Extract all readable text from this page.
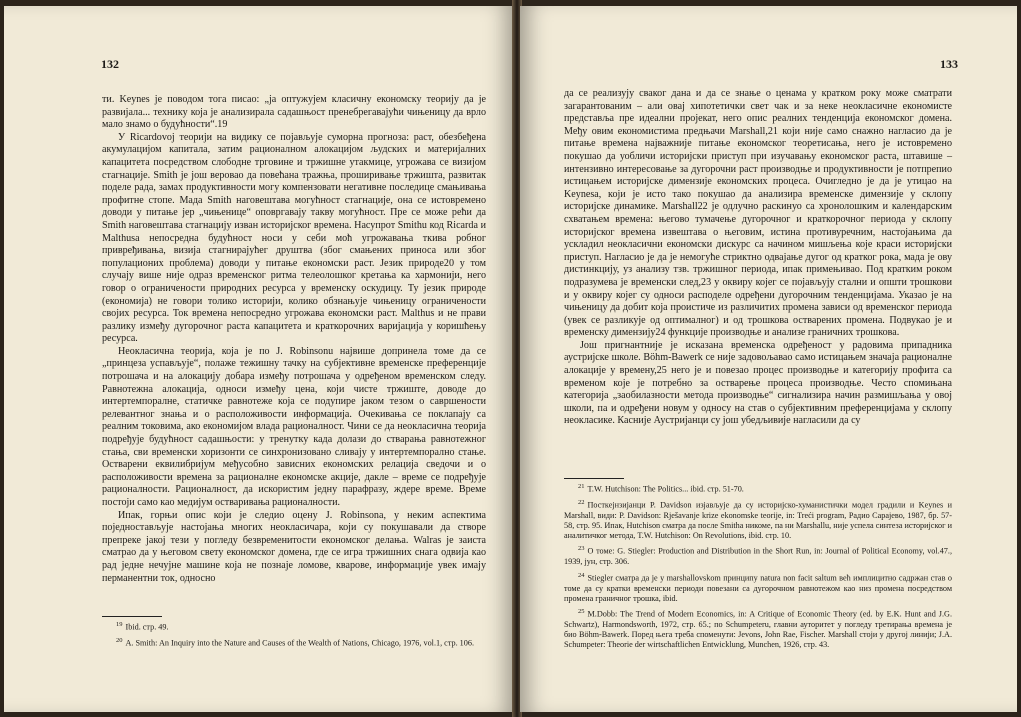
132

ти. Keynes је поводом тога писао: „ја оптужујем класичну економску теорију да је развијала... технику која је анализирала садашњост пренебрегавајући чињеницу да врло мало знамо о будућности“.19

У Ricardovoj теорији на видику се појављује суморна прогноза: раст, обезбеђена акумулацијом капитала, затим рационалном алокацијом људских и материјалних капацитета посредством слободне трговине и тржишне утакмице, угрожава се визијом стагнације. Smith је још веровао да повећана тражња, проширивање тржишта, развитак поделе рада, замах продуктивности могу компензовати негативне последице смањивања профитне стопе. Мада Smith наговештава могућност стагнације, она се истовремено доводи у питање јер „чињенице“ оповргавају такву могућност. Пре се може рећи да Smith наговештава стагнацију изван историјског времена. Насупрот Smithu код Ricarda и Malthusa непосредна будућност носи у себи моћ угрожавања ткива робног привређивања, визија стагнирајућег друштва (због смањених приноса или због популационих проблема) доводи у питање економски раст. Језик природе20 у том случају више није одраз временског ритма телеолошког кретања ка хармонији, него говор о ограничености природних ресурса у временску оскудицу. Ту језик природе (економија) не говори толико историји, колико обзнањује чињеницу ограничености својих ресурса. Ток времена непосредно угрожава економски раст. Malthus и не прави разлику између дугорочног раста капацитета и краткорочних варијација у коришћењу ресурса.

Неокласична теорија, која је по J. Robinsonu највише допринела томе да се „принцеза успављује“, полаже тежишну тачку на субјективне временске преференције потрошача и на алокацију добара између потрошача у одређеном временском следу. Равнотежна алокација, односи између цена, који чисте тржиште, доводе до интертемпоралне, статичке равнотеже која се подупире јаком тезом о савршености релевантног знања и о расположивости информација. Очекивања се поклапају са реалним токовима, ако економијом влада рационалност. Чини се да неокласична теорија подређује будућност садашњости: у тренутку када долази до стварања равнотежног стања, сви временски хоризонти се синхронизовано сливају у интертемпорално стање. Остварени еквилибријум међусобно зависних економских релација сведочи и о расположивости времена за рационалне економске акције, дакле – време се подређује рационалности. Рационалност, да искористим једну парафразу, ждере време. Време постоји само као медијум остваривања рационалности.

Ипак, горњи опис који је следио оцену J. Robinsona, у неким аспектима поједностављује настојања многих неокласичара, који су покушавали да створе препреке јакој тези у погледу безвременитости економског делања. Walras је заиста сматрао да у његовом свету економског домена, где се игра тржишних снага одвија као рад једне нечујне машине која не познаје ломове, кварове, информације увек имају перманентни ток, односно

$^{19}$ Ibid. стр. 49.

$^{20}$ A. Smith: An Inquiry into the Nature and Causes of the Wealth of Nations, Chicago, 1976, vol.1, стр. 106.

133

да се реализују сваког дана и да се знање о ценама у кратком року може сматрати загарантованим – али овај хипотетички свет чак и за неке неокласичне економисте представља пре идеални пројекат, него опис реалних тенденција економског домена. Међу овим економистима предњачи Marshall,21 који није само снажно нагласио да је питање времена најважније питање економског теоретисања, него је истовремено покушао да уобличи историјски приступ при изучавању економског раста, штавише – интензивно интересовање за дугорочни раст производње и продуктивности је потпрепио истицањем историјске димензије економских процеса. Очигледно је да је утицао на Keynesa, који је исто тако покушао да анализира временске димензије у склопу историјске динамике. Marshall22 је одлучно раскинуо са хронолошким и календарским схватањем времена: његово тумачење дугорочног и краткорочног периода у склопу историјског времена извештава о његовим, истина противуречним, настојањима да ускладил неокласични економски дискурс са начином мишљења које краси историјски приступ. Нагласио је да је немогуће стриктно одвајање дугог од кратког рока, мада је ову дистинкцију, уз анализу тзв. тржишног периода, ипак примењивао. Под кратким роком подразумева је временски след,23 у оквиру којег се појављују стални и општи трошкови и у оквиру којег су односи расподеле одређени дугорочним тенденцијама. Указао је на чињеницу да добит која проистиче из различитих промена зависи од временског периода (увек се разликује од оптималног) и од трошкова остварених промена. Подвукао је и временску димензију24 функције производње и анализе граничних трошкова.

Још пригнантније је исказана временска одређеност у радовима припадника аустријске школе. Böhm-Bawerk се није задовољавао само истицањем значаја рационалне алокације у времену,25 него је и повезао процес производње и категорију профита са временом које је потребно за остварење процеса производње. Често спомињана категорија „заобилазности метода производње“ сигнализира начин размишљања у овој школи, па и одређени новум у односу на став о субјективним преференцијама у склопу неокласике. Касније Аустријанци су још убедљивије нагласили да су

$^{21}$ T.W. Hutchison: The Politics... ibid. стр. 51-70.

$^{22}$ Посткејнзијанци P. Davidson изјављује да су историјско-хуманистички модел градили и Keynes и Marshall, види: P. Davidson: Rješavanje krize ekonomske teorije, in: Treći program, Радио Сарајево, 1987, бр. 57-58, стр. 95. Ипак, Hutchison сматра да после Smitha никоме, па ни Marshallu, није успела синтеза историјског и аналитичког метода, T.W. Hutchison: On Revolutions, ibid. стр. 10.

$^{23}$ О томе: G. Stiegler: Production and Distribution in the Short Run, in: Journal of Political Economy, vol.47., 1939, јун, стр. 306.

$^{24}$ Stiegler сматра да је у marshallovskom принципу natura non facit saltum већ имплицитно садржан став о томе да су кратки временски периоди повезани са дугорочном равнотежом као низ промена посредством промена граничног трошка, ibid.

$^{25}$ M.Dobb: The Trend of Modern Economics, in: A Critique of Economic Theory (ed. by E.K. Hunt and J.G. Schwartz), Harmondsworth, 1972, стр. 65.; по Schumpeteru, главни ауторитет у погледу третирања времена је био Böhm-Bawerk. Поред њега треба споменути: Jevons, John Rae, Fischer. Marshall стоји у другој линији; J.A. Schumpeter: Theorie der wirtschaftlichen Entwicklung, Munchen, 1926, стр. 43.
